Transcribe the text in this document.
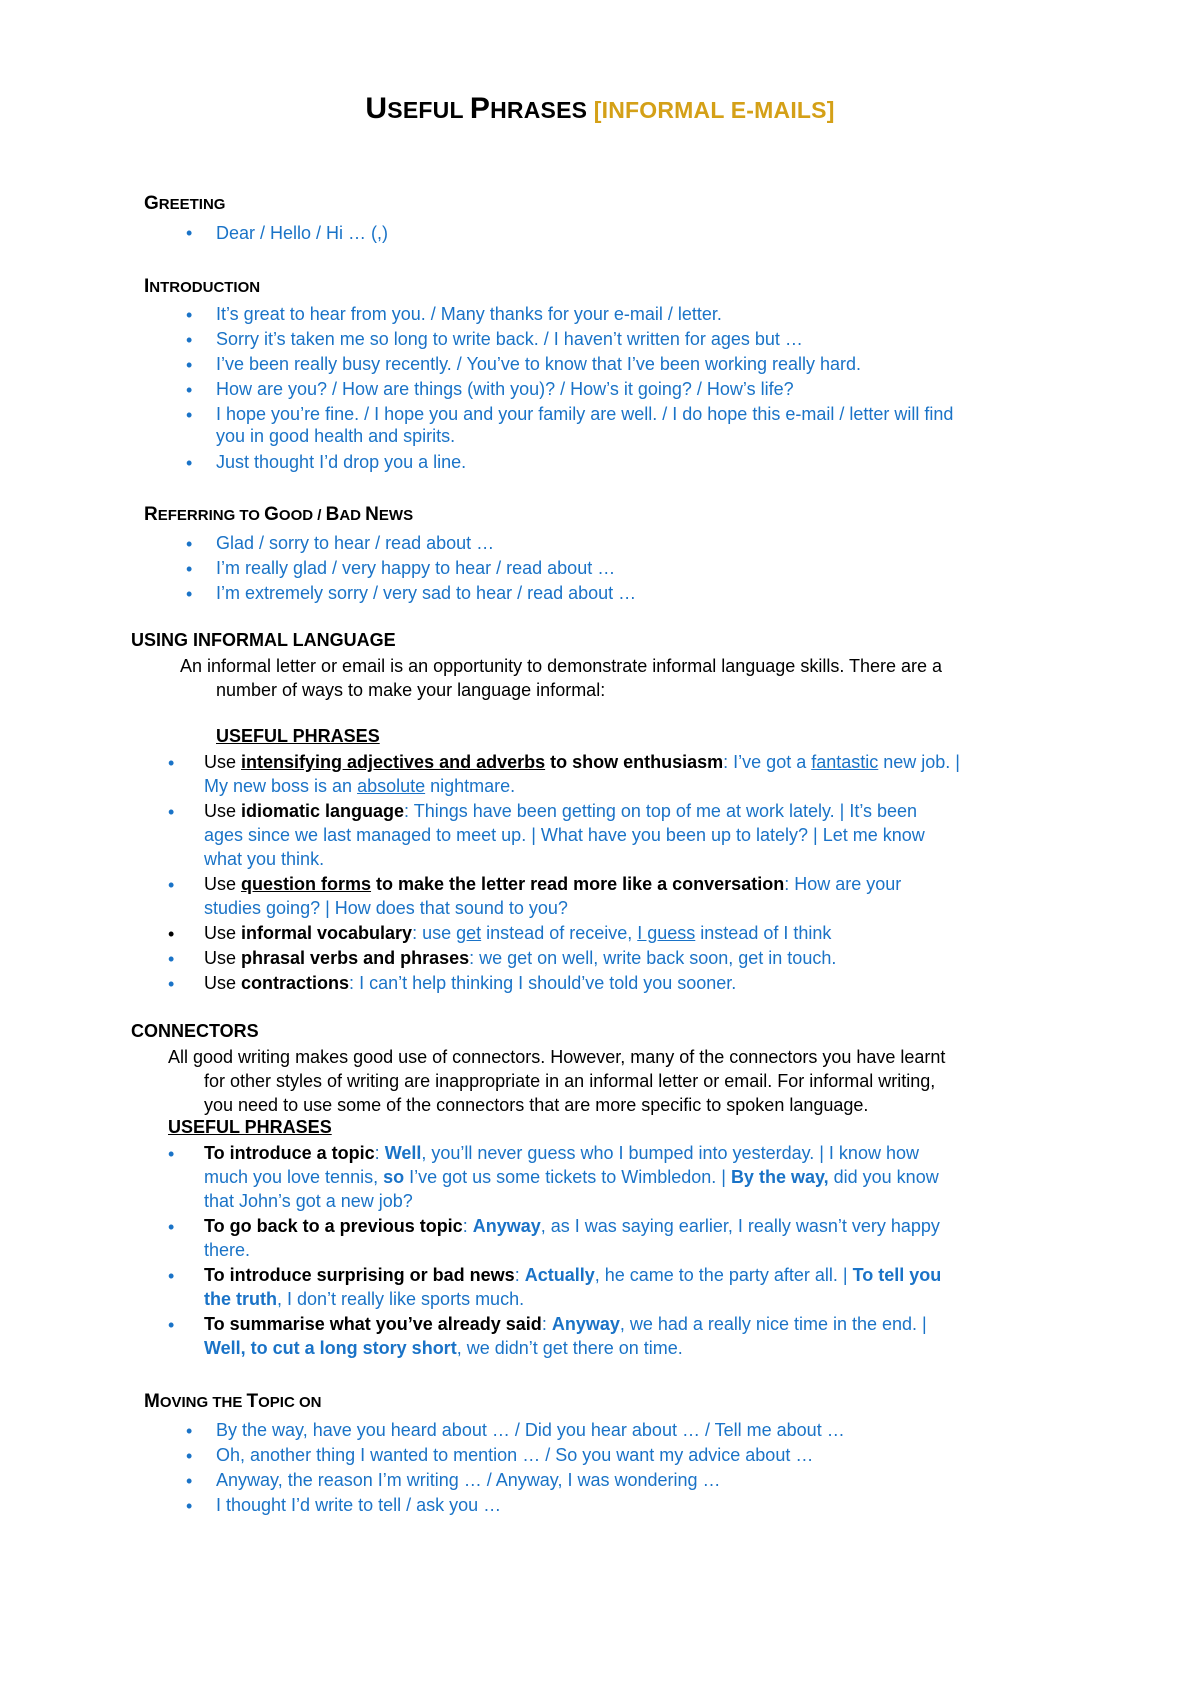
USEFUL PHRASES [INFORMAL E-MAILS]
GREETING
• Dear / Hello / Hi … (,)
INTRODUCTION
• It’s great to hear from you. / Many thanks for your e-mail / letter.
• Sorry it’s taken me so long to write back. / I haven’t written for ages but …
• I’ve been really busy recently. / You’ve to know that I’ve been working really hard.
• How are you? / How are things (with you)? / How’s it going? / How’s life?
• I hope you’re fine. / I hope you and your family are well. / I do hope this e-mail / letter will find
you in good health and spirits.
• Just thought I’d drop you a line.
REFERRING TO GOOD / BAD NEWS
• Glad / sorry to hear / read about …
• I’m really glad / very happy to hear / read about …
• I’m extremely sorry / very sad to hear / read about …
USING INFORMAL LANGUAGE
An informal letter or email is an opportunity to demonstrate informal language skills. There are a
number of ways to make your language informal:
USEFUL PHRASES
• Use intensifying adjectives and adverbs to show enthusiasm: I’ve got a fantastic new job. |
My new boss is an absolute nightmare.
• Use idiomatic language: Things have been getting on top of me at work lately. | It’s been
ages since we last managed to meet up. | What have you been up to lately? | Let me know
what you think.
• Use question forms to make the letter read more like a conversation: How are your
studies going? | How does that sound to you?
• Use informal vocabulary: use get instead of receive, I guess instead of I think
• Use phrasal verbs and phrases: we get on well, write back soon, get in touch.
• Use contractions: I can’t help thinking I should’ve told you sooner.
CONNECTORS
All good writing makes good use of connectors. However, many of the connectors you have learnt
for other styles of writing are inappropriate in an informal letter or email. For informal writing,
you need to use some of the connectors that are more specific to spoken language.
USEFUL PHRASES
• To introduce a topic: Well, you’ll never guess who I bumped into yesterday. | I know how
much you love tennis, so I’ve got us some tickets to Wimbledon. | By the way, did you know
that John’s got a new job?
• To go back to a previous topic: Anyway, as I was saying earlier, I really wasn’t very happy
there.
• To introduce surprising or bad news: Actually, he came to the party after all. | To tell you
the truth, I don’t really like sports much.
• To summarise what you’ve already said: Anyway, we had a really nice time in the end. |
Well, to cut a long story short, we didn’t get there on time.
MOVING THE TOPIC ON
• By the way, have you heard about … / Did you hear about … / Tell me about …
• Oh, another thing I wanted to mention … / So you want my advice about …
• Anyway, the reason I’m writing … / Anyway, I was wondering …
• I thought I’d write to tell / ask you …
